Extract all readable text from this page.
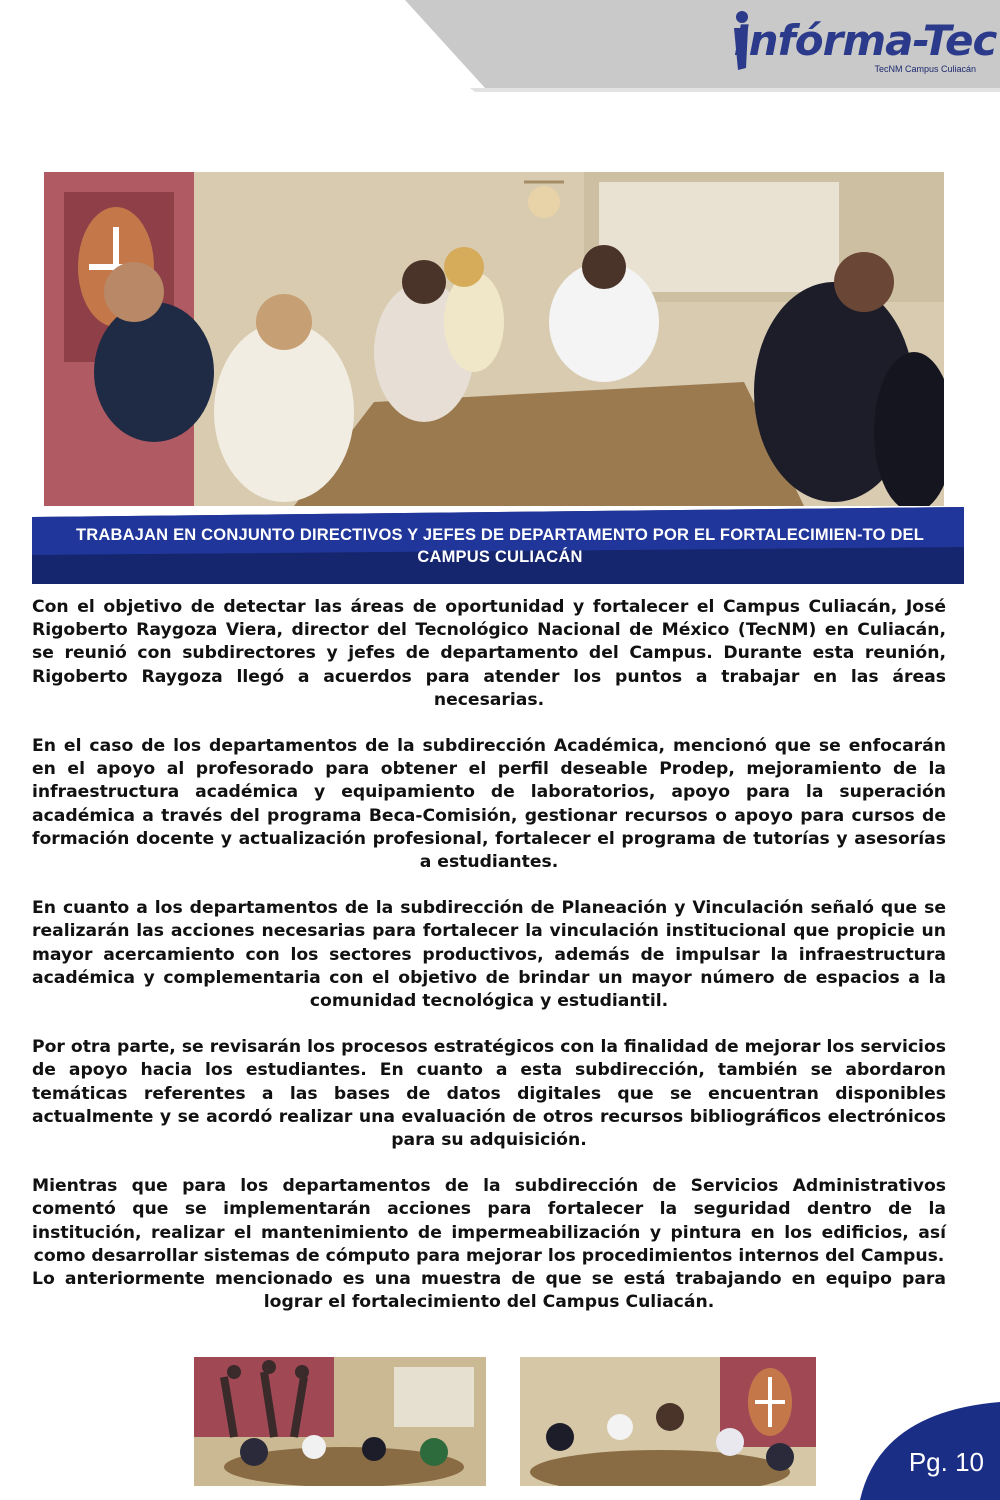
Infórma-Tec
TecNM Campus Culiacán
TRABAJAN EN CONJUNTO DIRECTIVOS Y JEFES DE DEPARTAMENTO POR EL FORTALECIMIEN-TO DEL CAMPUS CULIACÁN

Con el objetivo de detectar las áreas de oportunidad y fortalecer el Campus Culiacán, José Rigoberto Raygoza Viera, director del Tecnológico Nacional de México (TecNM) en Culiacán, se reunió con subdirectores y jefes de departamento del Campus. Durante esta reunión, Rigoberto Raygoza llegó a acuerdos para atender los puntos a trabajar en las áreas necesarias.

En el caso de los departamentos de la subdirección Académica, mencionó que se enfocarán en el apoyo al profesorado para obtener el perfil deseable Prodep, mejoramiento de la infraestructura académica y equipamiento de laboratorios, apoyo para la superación académica a través del programa Beca-Comisión, gestionar recursos o apoyo para cursos de formación docente y actualización profesional, fortalecer el programa de tutorías y asesorías a estudiantes.

En cuanto a los departamentos de la subdirección de Planeación y Vinculación señaló que se realizarán las acciones necesarias para fortalecer la vinculación institucional que propicie un mayor acercamiento con los sectores productivos, además de impulsar la infraestructura académica y complementaria con el objetivo de brindar un mayor número de espacios a la comunidad tecnológica y estudiantil.

Por otra parte, se revisarán los procesos estratégicos con la finalidad de mejorar los servicios de apoyo hacia los estudiantes. En cuanto a esta subdirección, también se abordaron temáticas referentes a las bases de datos digitales que se encuentran disponibles actualmente y se acordó realizar una evaluación de otros recursos bibliográficos electrónicos para su adquisición.

Mientras que para los departamentos de la subdirección de Servicios Administrativos comentó que se implementarán acciones para fortalecer la seguridad dentro de la institución, realizar el mantenimiento de impermeabilización y pintura en los edificios, así como desarrollar sistemas de cómputo para mejorar los procedimientos internos del Campus.

Lo anteriormente mencionado es una muestra de que se está trabajando en equipo para lograr el fortalecimiento del Campus Culiacán.

Pg. 10
